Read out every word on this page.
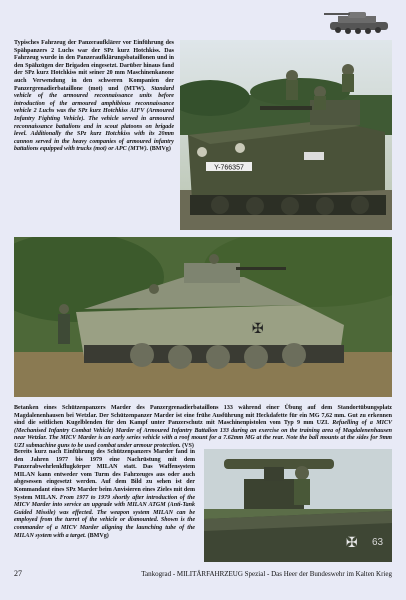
Typisches Fahrzeug der Panzeraufklärer vor Einführung des Spähpanzers 2 Luchs war der SPz kurz Hotchkiss. Das Fahrzeug wurde in den Panzeraufklärungsbataillonen und in den Spähzügen der Brigaden eingesetzt. Darüber hinaus fand der SPz kurz Hotchkiss mit seiner 20 mm Maschinenkanone auch Verwendung in den schweren Kompanien der Panzergrenadierbataillone (mot) und (MTW). Standard vehicle of the armoured reconnaissance units before introduction of the armoured amphibious reconnaissance vehicle 2 Luchs was the SPz kurz Hotchkiss AIFV (Armoured Infantry Fighting Vehicle). The vehicle served in armoured reconnaissance battalions and in scout platoons on brigade level. Additionally the SPz kurz Hotchkiss with its 20mm cannon served in the heavy companies of armoured infantry battalions equipped with trucks (mot) or APC (MTW). (BMVg)
Y-766357
✠
Betanken eines Schützenpanzers Marder des Panzergrenadierbataillons 133 während einer Übung auf dem Standortübungsplatz Magdalenenhausen bei Wetzlar. Der Schützenpanzer Marder ist eine frühe Ausführung mit Heckdafette für ein MG 7,62 mm. Gut zu erkennen sind die seitlichen Kugelblenden für den Kampf unter Panzerschutz mit Maschinenpistolen vom Typ 9 mm UZI. Refuelling of a MICV (Mechanised Infantry Combat Vehicle) Marder of Armoured Infantry Battalion 133 during an exercise on the training area of Magdalenenhausen near Wetzlar. The MICV Marder is an early series vehicle with a roof mount for a 7.62mm MG at the rear. Note the ball mounts at the sides for 9mm UZI submachine guns to be used combat under armour protection. (VS)
Bereits kurz nach Einführung des Schützenpanzers Marder fand in den Jahren 1977 bis 1979 eine Nachrüstung mit dem Panzerabwehrlenkflugkörper MILAN statt. Das Waffensystem MILAN kann entweder vom Turm des Fahrzeuges aus oder auch abgesessen eingesetzt werden. Auf dem Bild zu sehen ist der Kommandant eines SPz Marder beim Anvisieren eines Zieles mit dem System MILAN. From 1977 to 1979 shortly after introduction of the MICV Marder into service an upgrade with MILAN ATGM (Anti-Tank Guided Missile) was effected. The weapon system MILAN can be employed from the turret of the vehicle or dismounted. Shown is the commander of a MICV Marder aligning the launching tube of the MILAN system with a target. (BMVg)	✠ 63
27	Tankograd - MILITÄRFAHRZEUG Spezial - Das Heer der Bundeswehr im Kalten Krieg
